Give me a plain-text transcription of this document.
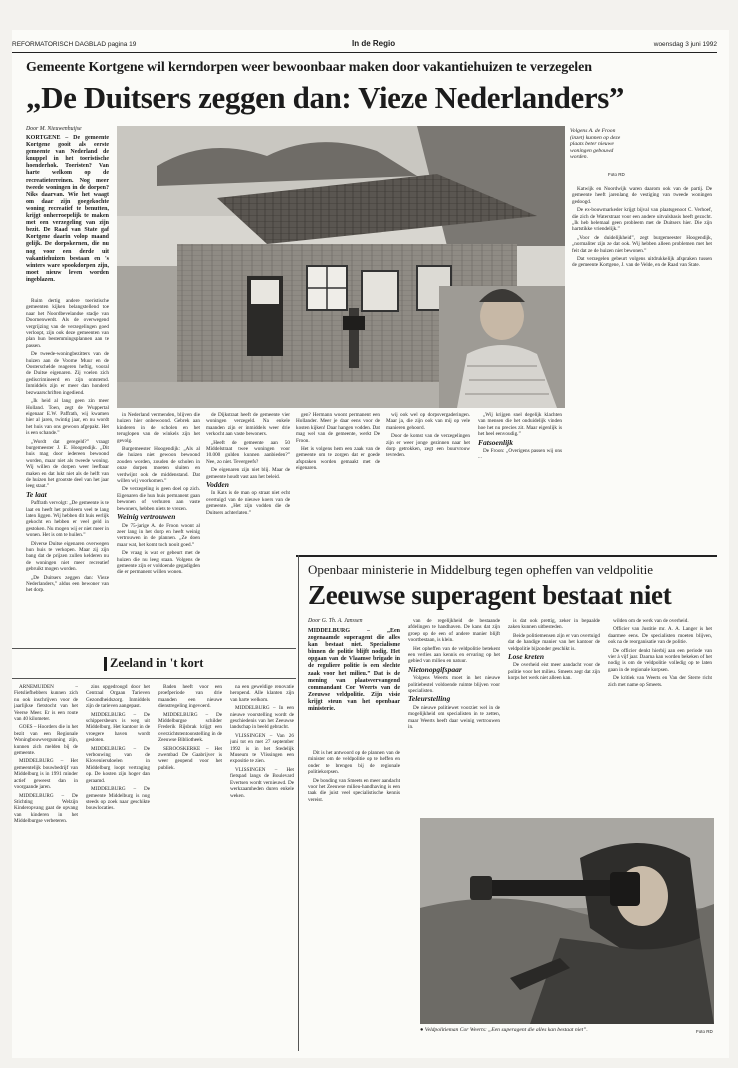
REFORMATORISCH DAGBLAD pagina 19	In de Regio	woensdag 3 juni 1992
Gemeente Kortgene wil kerndorpen weer bewoonbaar maken door vakantiehuizen te verzegelen
„De Duitsers zeggen dan: Vieze Nederlanders”
Door M. Nieuwenhuijse
KORTGENE – De gemeente Kortgene gooit als eerste gemeente van Nederland de knuppel in het toeristische hoenderhok. Toeristen? Van harte welkom op de recreatieterreinen. Nog meer tweede woningen in de dorpen? Niks daarvan. Wie het waagt om daar zijn goegekochte woning recreatief te benutten, krijgt onherroepelijk te maken met een verzegeling van zijn bezit. De Raad van State gaf Kortgene daarin volop maand gelijk. De dorpskernen, die nu nog voor een derde uit vakantiehuizen bestaan en 's winters ware spookdorpen zijn, moet nieuw leven worden ingeblazen.

Ruim dertig andere toeristische gemeenten kijken belangstellend toe naar het Noordbevelandse stadje van Doornenwerdt. Als de overwegend vergrijzing van de verzegelingen goed verloopt, zijn ook deze gemeenten van plan hun bestemmingsplannen aan te passen.

De tweede-woningbezitters van de huizen aan de Voorne Muur en de Oosterschelde reageren heftig, vooral de Duitse eigenaren. Zij voelen zich gediscrimineerd en zijn ontstemd. Inmiddels zijn er meer dan honderd bezwaarschriften ingediend.

„Ik heid al lang geen zin meer Holland. Toen, zegt de Wuppertal eigenaar E.W. Paffrath, wij kwamen hier al jaren, twintig jaar, en nu wordt het huis van ons gewoon afgepakt. Het is een schande.”

„Wordt dat geregeld?” vraagt burgemeester J. E. Hoogendijk. „Dit huis mag door iedereen bewoond worden, maar niet als tweede woning. Wij willen de dorpen weer leefbaar maken en dat lukt niet als de helft van de huizen het grootste deel van het jaar leeg staat.”

Te laat

Paffrath vervolgt: „De gemeente is te laat en heeft het probleem veel te lang laten liggen. Wij hebben dit huis eerlijk gekocht en hebben er veel geld in gestoken. Nu mogen wij er niet meer in wonen. Het is om te huilen.”

Diverse Duitse eigenaren overwegen hun huis te verkopen. Maar zij zijn bang dat de prijzen zullen kelderen nu de woningen niet meer recreatief gebruikt mogen worden.

„De Duitsers zeggen dan: Vieze Nederlanders,” aldus een bewoner van het dorp.

Volgens A. de Froon (inzet) kunnen op deze plaats beter nieuwe woningen gebouwd worden.
Foto RD

in Nederland vermenden, blijven die huizen hier onbewoond. Gebrek aan kinderen in de scholen en het teruglopen van de winkels zijn het gevolg.

Burgemeester Hoogendijk: „Als al die huizen niet gewoon bewoond zouden worden, zouden de scholen in onze dorpen moeten sluiten en verdwijnt ook de middenstand. Dat willen wij voorkomen.”

De verzegeling is geen doel op zich. Eigenaren die hun huis permanent gaan bewonen of verhuren aan vaste bewoners, hebben niets te vrezen.

Weinig vertrouwen

De 75-jarige A. de Froon woont al zeer lang in het dorp en heeft weinig vertrouwen in de plannen. „Ze doen maar wat, het komt toch nooit goed.”

De vraag is wat er gebeurt met de huizen die nu leeg staan. Volgens de gemeente zijn er voldoende gegadigden die er permanent willen wonen.

de Dijkstraat heeft de gemeente vier woningen verzegeld. Na enkele maanden zijn er inmiddels weer drie verkocht aan vaste bewoners.

„Heeft de gemeente aan 50 Middelstraat twee woningen voor 10.000 gulden kunnen aanbieden?” Nee, zo niet. Tevergeefs?

De eigenaren zijn niet blij. Maar de gemeente houdt vast aan het beleid.

Vodden

In Kats is de man op straat niet echt overtuigd van de nieuwe koers van de gemeente. „Het zijn vodden die de Duitsers achterlaten.”

gen? Hermann woont permanent een Hollander. Meer je daar eens voor de kosten kijken! Daar hangen vodden. Dat mag wel van de gemeente, werkt De Froon.

Het is volgens hem een zaak van de gemeente om te zorgen dat er goede afspraken worden gemaakt met de eigenaren.

wij ook wel op dorpsvergaderingen. Maar ja, die zijn ook van mij op vele manieren gehoord.

Door de komst van de verzegelingen zijn er weer jonge gezinnen naar het dorp getrokken, zegt een buurvrouw tevreden.

„Wij krijgen snel degelijk klachten van mensen die het onduidelijk vinden hoe het nu precies zit. Maar eigenlijk is het heel eenvoudig.”

Fatsoenlijk

De Froon: „Overigens passen wij ons ...

Katwijk en Noordwijk waren daarom ook van de partij. De gemeente heeft jarenlang de vestiging van tweede woningen gedoogd.

De ex-bouwmarkeder krijgt bijval van plaatsgenoot C. Verhoef, die zich de Waterstraat voor een andere uitvalsbasis heeft gezocht. „Ik heb helemaal geen probleem met de Duitsers hier. Die zijn hartstikke vriendelijk.”

„Voor de duidelijkheid”, zegt burgemeester Hoogendijk, „normaliter zijn ze dat ook. Wij hebben alleen problemen met het feit dat ze de huizen niet bewonen.”

Dat verzegelen gebeurt volgens uitdrukkelijk afspraken tussen de gemeente Kortgene, J. van de Velde, en de Raad van State.

Zeeland in 't kort

ARNEMUIDEN – Fietsliefhebbers kunnen zich nu ook inschrijven voor de jaarlijkse fietstocht van het Veerse Meer. Er is een route van 40 kilometer.

GOES – Hoorders die in het bezit van een Regionale Woningbouwvergunning zijn, kunnen zich melden bij de gemeente.

MIDDELBURG – Het gemeentelijk bouwbedrijf van Middelburg is in 1991 minder actief geweest dan in voorgaande jaren.

MIDDELBURG – De Stichting Welzijn Kinderopvang gaat de opvang van kinderen in het Middelburgse verbeteren.

zins opgedroogd door het Centraal Orgaan Tarieven Gezondheidszorg. Inmiddels zijn de tarieven aangepast.

MIDDELBURG – De schippersbeurs is weg uit Middelburg. Het kantoor in de vroegere haven wordt gesloten.

MIDDELBURG – De verbouwing van de Kloveniersdoelen in Middelburg loopt vertraging op. De kosten zijn hoger dan geraamd.

MIDDELBURG – De gemeente Middelburg is nog steeds op zoek naar geschikte bouwlocaties.

Baden heeft voor een proefperiode van drie maanden een nieuwe dienstregeling ingevoerd.

MIDDELBURG – De Middelburgse schilder Frederik Rijsbrak krijgt een overzichtstentoonstelling in de Zeeuwse Bibliotheek.

SEROOSKERKE – Het zwembad De Gaabrijver is weer geopend voor het publiek.

na een geweldige renovatie heropend. Alle klanten zijn van harte welkom.

MIDDELBURG – In een nieuwe voorstelling wordt de geschiedenis van het Zeeuwse landschap in beeld gebracht.

VLISSINGEN – Van 26 juni tot en met 27 september 1992 is in het Stedelijk Museum te Vlissingen een expositie te zien.

VLISSINGEN – Het fietspad langs de Boulevard Evertsen wordt vernieuwd. De werkzaamheden duren enkele weken.

Openbaar ministerie in Middelburg tegen opheffen van veldpolitie
Zeeuwse superagent bestaat niet
Door G. Th. A. Janssen
MIDDELBURG – „Een zogenaamde superagent die alles kan bestaat niet. Specialisme binnen de politie blijft nodig. Het opgaan van de Vlaamse brigade in de reguliere politie is een slechte zaak voor het milieu.” Dat is de mening van plaatsvervangend commandant Cor Weerts van de Zeeuwse veldpolitie. Zijn visie krijgt steun van het openbaar ministerie.

Dit is het antwoord op de plannen van de minister om de veldpolitie op te heffen en onder te brengen bij de regionale politiekorpsen.

De bonding van Smeets en meer aandacht voor het Zeeuwse milieu-handhaving is een taak die juist veel specialistische kennis vereist.

van de regelijkheid de bestaande afdelingen te handhaven. De kans dat zijn groep op de een of andere manier blijft voortbestaan, is klein.

Het opheffen van de veldpolitie betekent een verlies aan kennis en ervaring op het gebied van milieu en natuur.

Nietonopgifspaar

Volgens Weerts moet in het nieuwe politiebestel voldoende ruimte blijven voor specialisten.

Teleurstelling

De nieuwe politiewet voorziet wel in de mogelijkheid om specialisten in te zetten, maar Weerts heeft daar weinig vertrouwen in.

is dat ook prettig, zeker in bepaalde zaken kunnen uitbesteden.

Beide politiemensen zijn er van overtuigd dat de handige manier van het kantoor de veldpolitie bijzonder geschikt is.

Lose kreten

De overheid eist meer aandacht voor de politie voor het milieu. Smeets zegt dat zijn korps het werk niet alleen kan.

wilden om de werk van de overheid.

Officier van Justitie mr. A. A. Langer is het daarmee eens. De specialisten moeten blijven, ook na de reorganisatie van de politie.

De officier denkt hierbij aan een periode van vier à vijf jaar. Daarna kan worden bekeken of het nodig is om de veldpolitie volledig op te laten gaan in de regionale korpsen.

De kritiek van Weerts en Van der Sterre richt zich met name op Smeets.

● Veldpolitieman Cor Weerts: „Een superagent die alles kan bestaat niet”.	Foto RD
